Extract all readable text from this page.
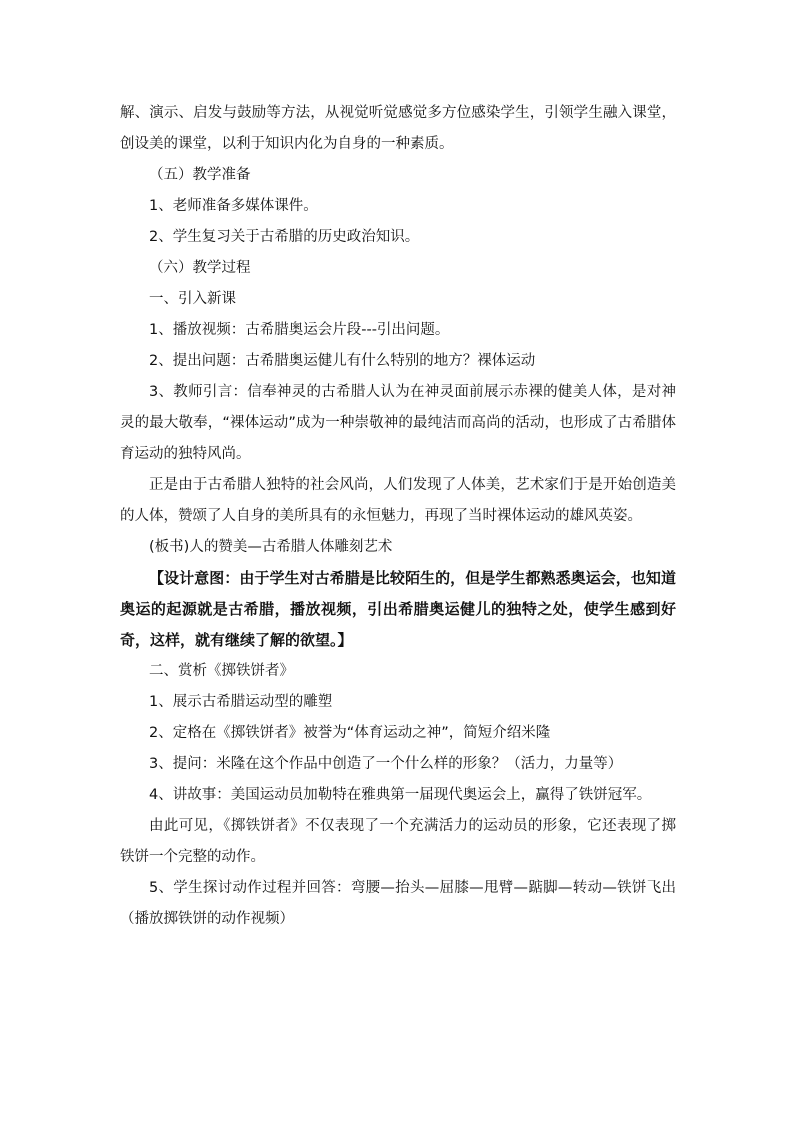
解、演示、启发与鼓励等方法，从视觉听觉感觉多方位感染学生，引领学生融入课堂，创设美的课堂，以利于知识内化为自身的一种素质。

（五）教学准备

1、老师准备多媒体课件。

2、学生复习关于古希腊的历史政治知识。

（六）教学过程

一、引入新课

1、播放视频：古希腊奥运会片段---引出问题。

2、提出问题：古希腊奥运健儿有什么特别的地方？裸体运动

3、教师引言：信奉神灵的古希腊人认为在神灵面前展示赤裸的健美人体，是对神灵的最大敬奉，“裸体运动”成为一种崇敬神的最纯洁而高尚的活动，也形成了古希腊体育运动的独特风尚。

正是由于古希腊人独特的社会风尚，人们发现了人体美，艺术家们于是开始创造美的人体，赞颂了人自身的美所具有的永恒魅力，再现了当时裸体运动的雄风英姿。

(板书)人的赞美—古希腊人体雕刻艺术

【设计意图：由于学生对古希腊是比较陌生的，但是学生都熟悉奥运会，也知道奥运的起源就是古希腊，播放视频，引出希腊奥运健儿的独特之处，使学生感到好奇，这样，就有继续了解的欲望。】

二、赏析《掷铁饼者》

1、展示古希腊运动型的雕塑

2、定格在《掷铁饼者》被誉为“体育运动之神”，简短介绍米隆

3、提问：米隆在这个作品中创造了一个什么样的形象？（活力，力量等）

4、讲故事：美国运动员加勒特在雅典第一届现代奥运会上，赢得了铁饼冠军。

由此可见，《掷铁饼者》不仅表现了一个充满活力的运动员的形象，它还表现了掷铁饼一个完整的动作。

5、学生探讨动作过程并回答：弯腰—抬头—屈膝—甩臂—踮脚—转动—铁饼飞出（播放掷铁饼的动作视频）
